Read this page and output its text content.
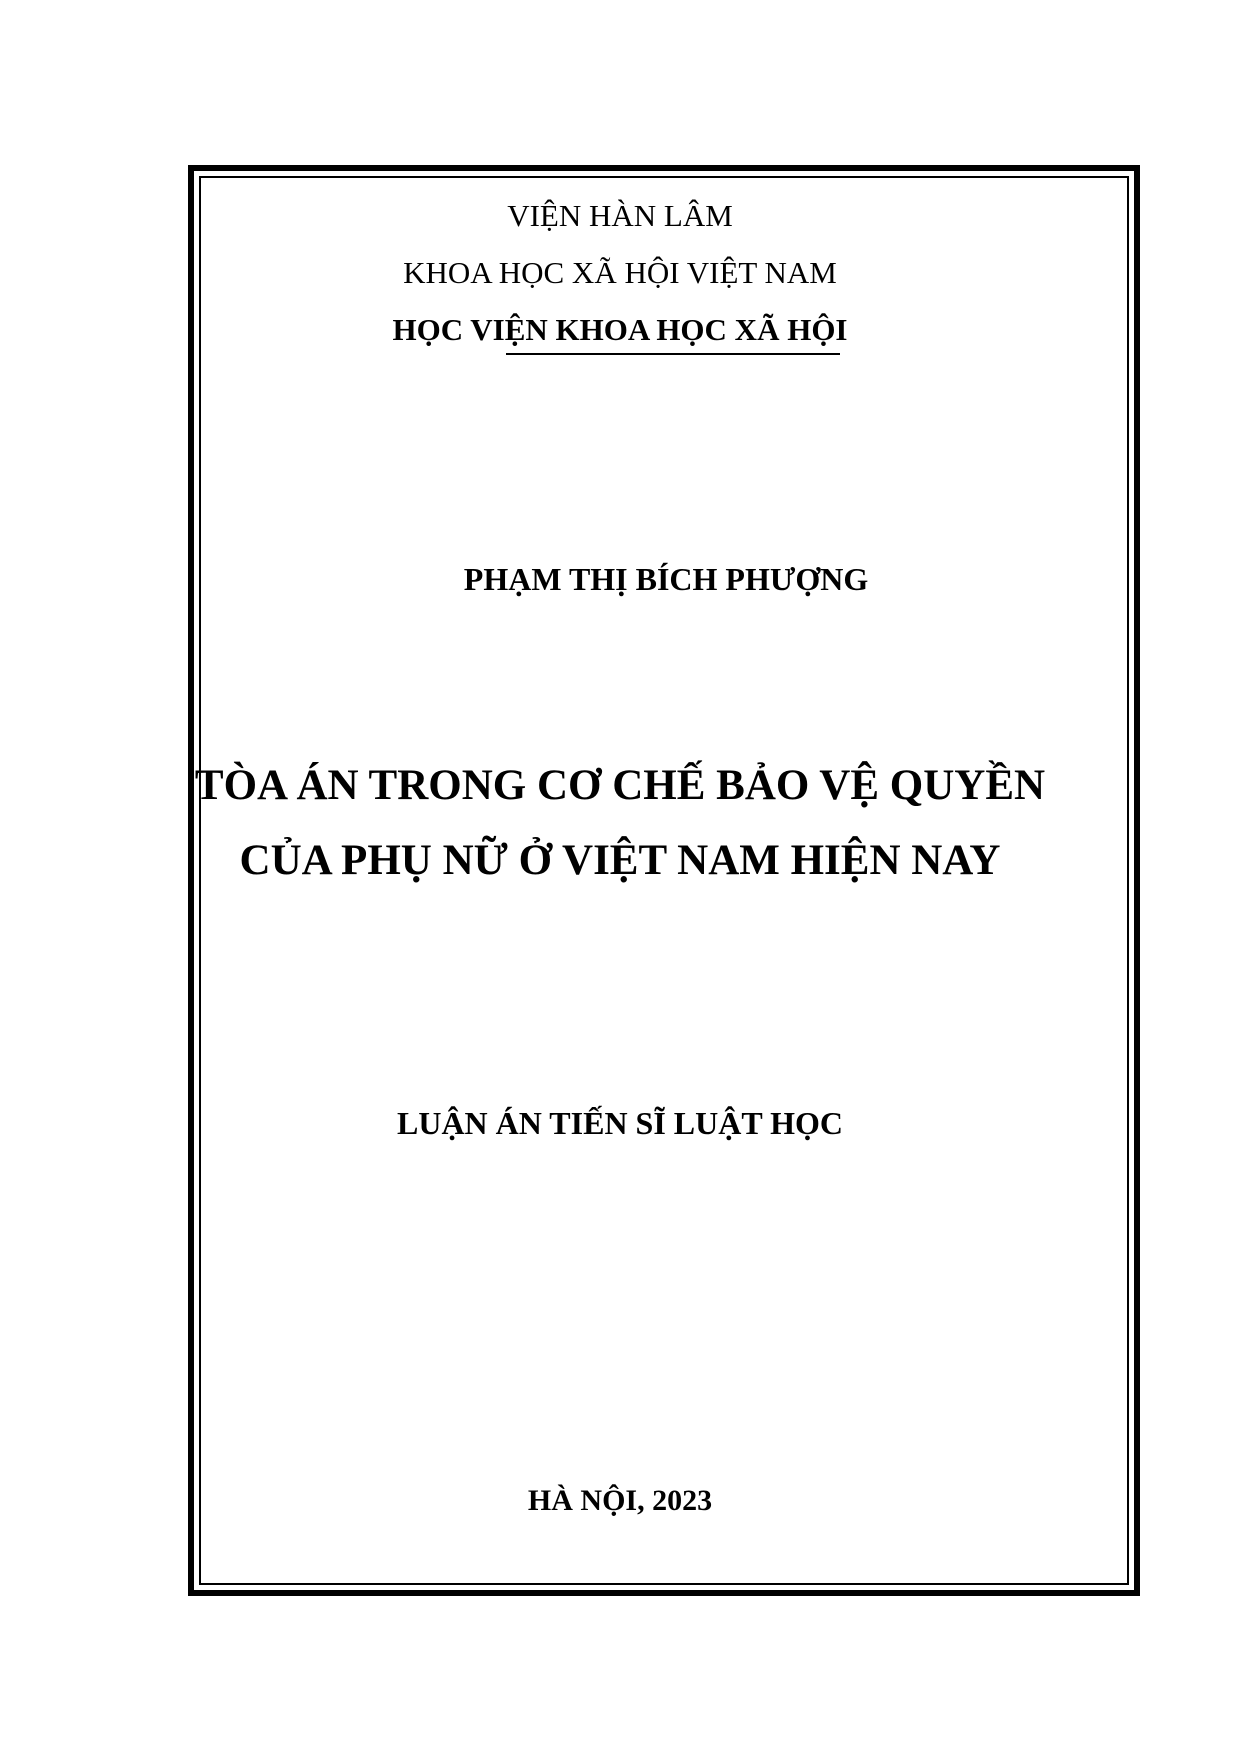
VIỆN HÀN LÂM
KHOA HỌC XÃ HỘI VIỆT NAM
HỌC VIỆN KHOA HỌC XÃ HỘI
PHẠM THỊ BÍCH PHƯỢNG
TÒA ÁN TRONG CƠ CHẾ BẢO VỆ QUYỀN
CỦA PHỤ NỮ Ở VIỆT NAM HIỆN NAY
LUẬN ÁN TIẾN SĨ LUẬT HỌC
HÀ NỘI, 2023
